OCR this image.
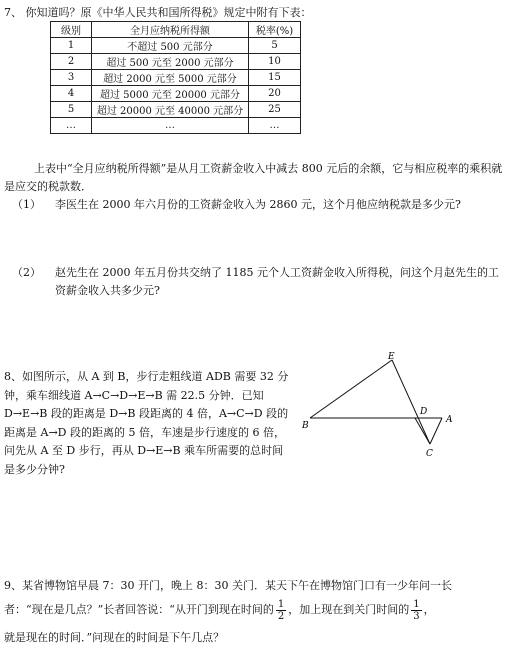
7、 你知道吗？原《中华人民共和国所得税》规定中附有下表：
级别	全月应纳税所得额	税率(%)
1	不超过 500 元部分	5
2	超过 500 元至 2000 元部分	10
3	超过 2000 元至 5000 元部分	15
4	超过 5000 元至 20000 元部分	20
5	超过 20000 元至 40000 元部分	25
…	…	…
上表中“全月应纳税所得额”是从月工资薪金收入中减去 800 元后的余额，它与相应税率的乘积就是应交的税款数．
（1） 李医生在 2000 年六月份的工资薪金收入为 2860 元，这个月他应纳税款是多少元?
（2） 赵先生在 2000 年五月份共交纳了 1185 元个人工资薪金收入所得税，问这个月赵先生的工资薪金收入共多少元?
8、如图所示，从 A 到 B，步行走粗线道 ADB 需要 32 分钟，乘车细线道 A→C→D→E→B 需 22.5 分钟．已知 D→E→B 段的距离是 D→B 段距离的 4 倍，A→C→D 段的距离是 A→D 段的距离的 5 倍，车速是步行速度的 6 倍，问先从 A 至 D 步行，再从 D→E→B 乘车所需要的总时间是多少分钟?
E
D
A
B
C
9、某省博物馆早晨 7：30 开门，晚上 8：30 关门．某天下午在博物馆门口有一少年问一长
者：“现在是几点？”长者回答说：“从开门到现在时间的 $\frac{1}{2}$ ，加上现在到关门时间的 $\frac{1}{3}$ ，
就是现在的时间．”问现在的时间是下午几点？
